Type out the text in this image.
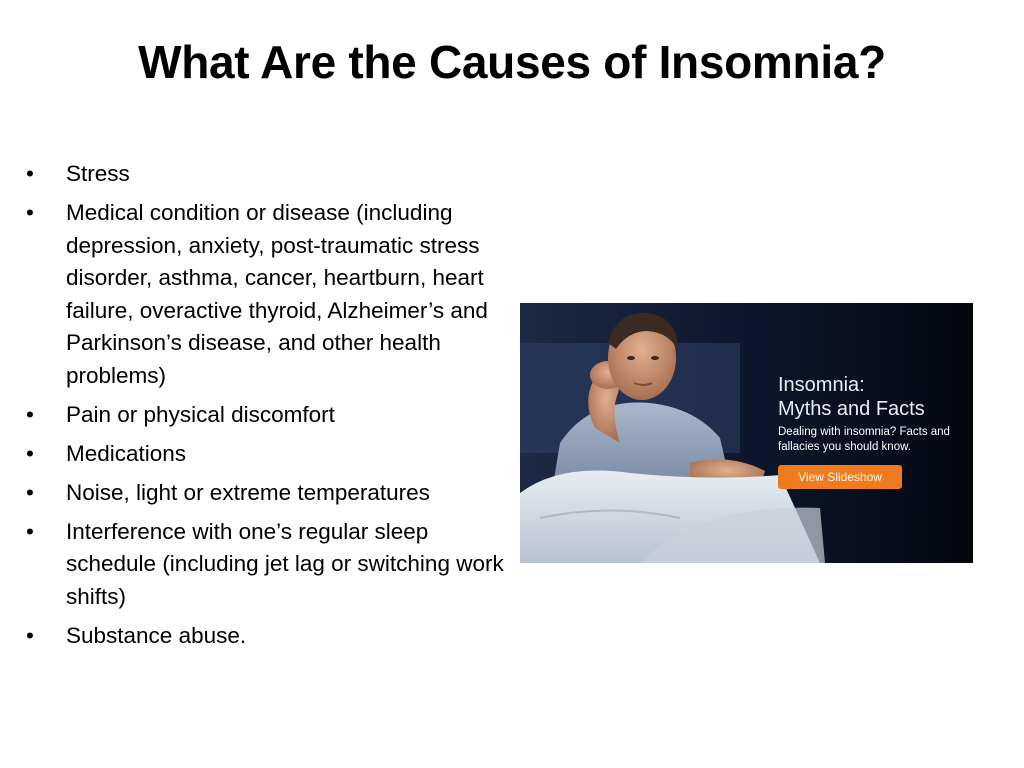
What Are the Causes of Insomnia?
• Stress
• Medical condition or disease (including depression, anxiety, post-traumatic stress disorder, asthma, cancer, heartburn, heart failure, overactive thyroid, Alzheimer’s and Parkinson’s disease, and other health problems)
• Pain or physical discomfort
• Medications
• Noise, light or extreme temperatures
• Interference with one’s regular sleep schedule (including jet lag or switching work shifts)
• Substance abuse.
Insomnia:
Myths and Facts
Dealing with insomnia? Facts and fallacies you should know.
View Slideshow
